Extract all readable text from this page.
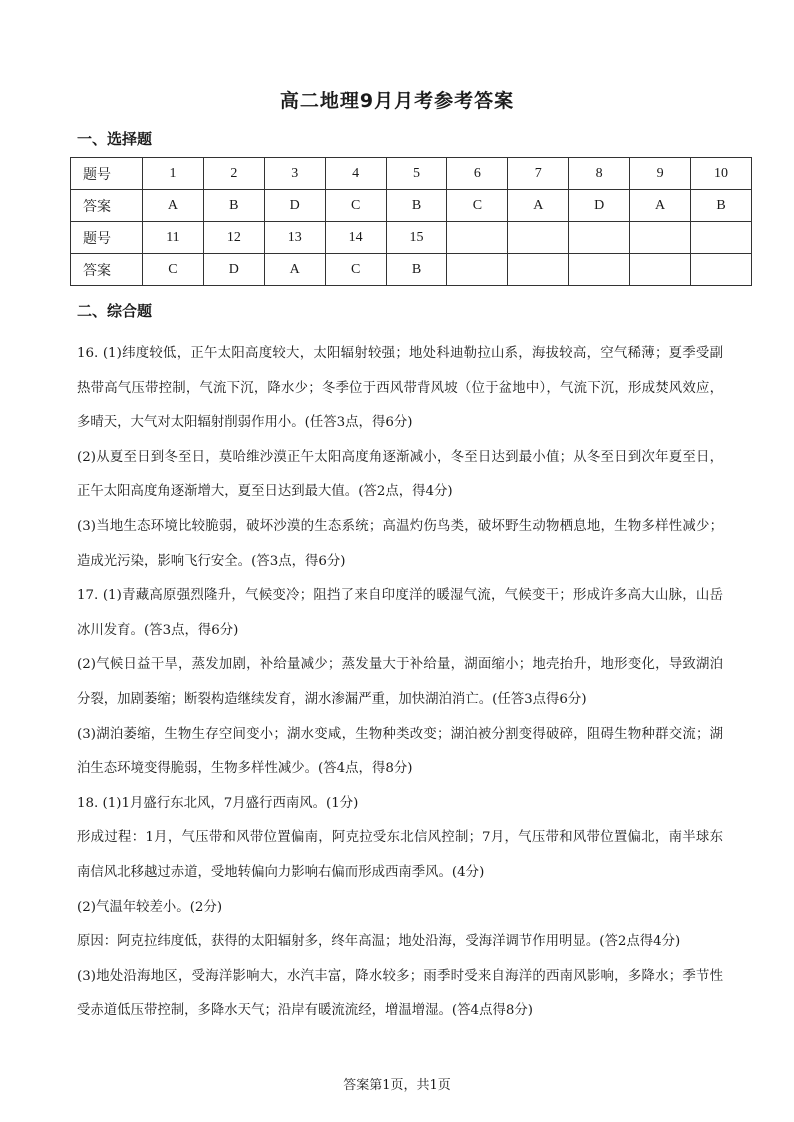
高二地理9月月考参考答案
一、选择题
题号	1	2	3	4	5	6	7	8	9	10
答案	A	B	D	C	B	C	A	D	A	B
题号	11	12	13	14	15					
答案	C	D	A	C	B					
二、综合题

16. (1)纬度较低，正午太阳高度较大，太阳辐射较强；地处科迪勒拉山系，海拔较高，空气稀薄；夏季受副热带高气压带控制，气流下沉，降水少；冬季位于西风带背风坡（位于盆地中），气流下沉，形成焚风效应，多晴天，大气对太阳辐射削弱作用小。(任答3点，得6分)

(2)从夏至日到冬至日，莫哈维沙漠正午太阳高度角逐渐减小，冬至日达到最小值；从冬至日到次年夏至日，正午太阳高度角逐渐增大，夏至日达到最大值。(答2点，得4分)

(3)当地生态环境比较脆弱，破坏沙漠的生态系统；高温灼伤鸟类，破坏野生动物栖息地，生物多样性减少；造成光污染，影响飞行安全。(答3点，得6分)

17. (1)青藏高原强烈隆升，气候变冷；阻挡了来自印度洋的暖湿气流，气候变干；形成许多高大山脉，山岳冰川发育。(答3点，得6分)

(2)气候日益干旱，蒸发加剧，补给量减少；蒸发量大于补给量，湖面缩小；地壳抬升，地形变化，导致湖泊分裂，加剧萎缩；断裂构造继续发育，湖水渗漏严重，加快湖泊消亡。(任答3点得6分)

(3)湖泊萎缩，生物生存空间变小；湖水变咸，生物种类改变；湖泊被分割变得破碎，阻碍生物种群交流；湖泊生态环境变得脆弱，生物多样性减少。(答4点，得8分)

18. (1)1月盛行东北风，7月盛行西南风。(1分)

形成过程：1月，气压带和风带位置偏南，阿克拉受东北信风控制；7月，气压带和风带位置偏北，南半球东南信风北移越过赤道，受地转偏向力影响右偏而形成西南季风。(4分)

(2)气温年较差小。(2分)

原因：阿克拉纬度低，获得的太阳辐射多，终年高温；地处沿海，受海洋调节作用明显。(答2点得4分)

(3)地处沿海地区，受海洋影响大，水汽丰富，降水较多；雨季时受来自海洋的西南风影响，多降水；季节性受赤道低压带控制，多降水天气；沿岸有暖流流经，增温增湿。(答4点得8分)

答案第1页，共1页
